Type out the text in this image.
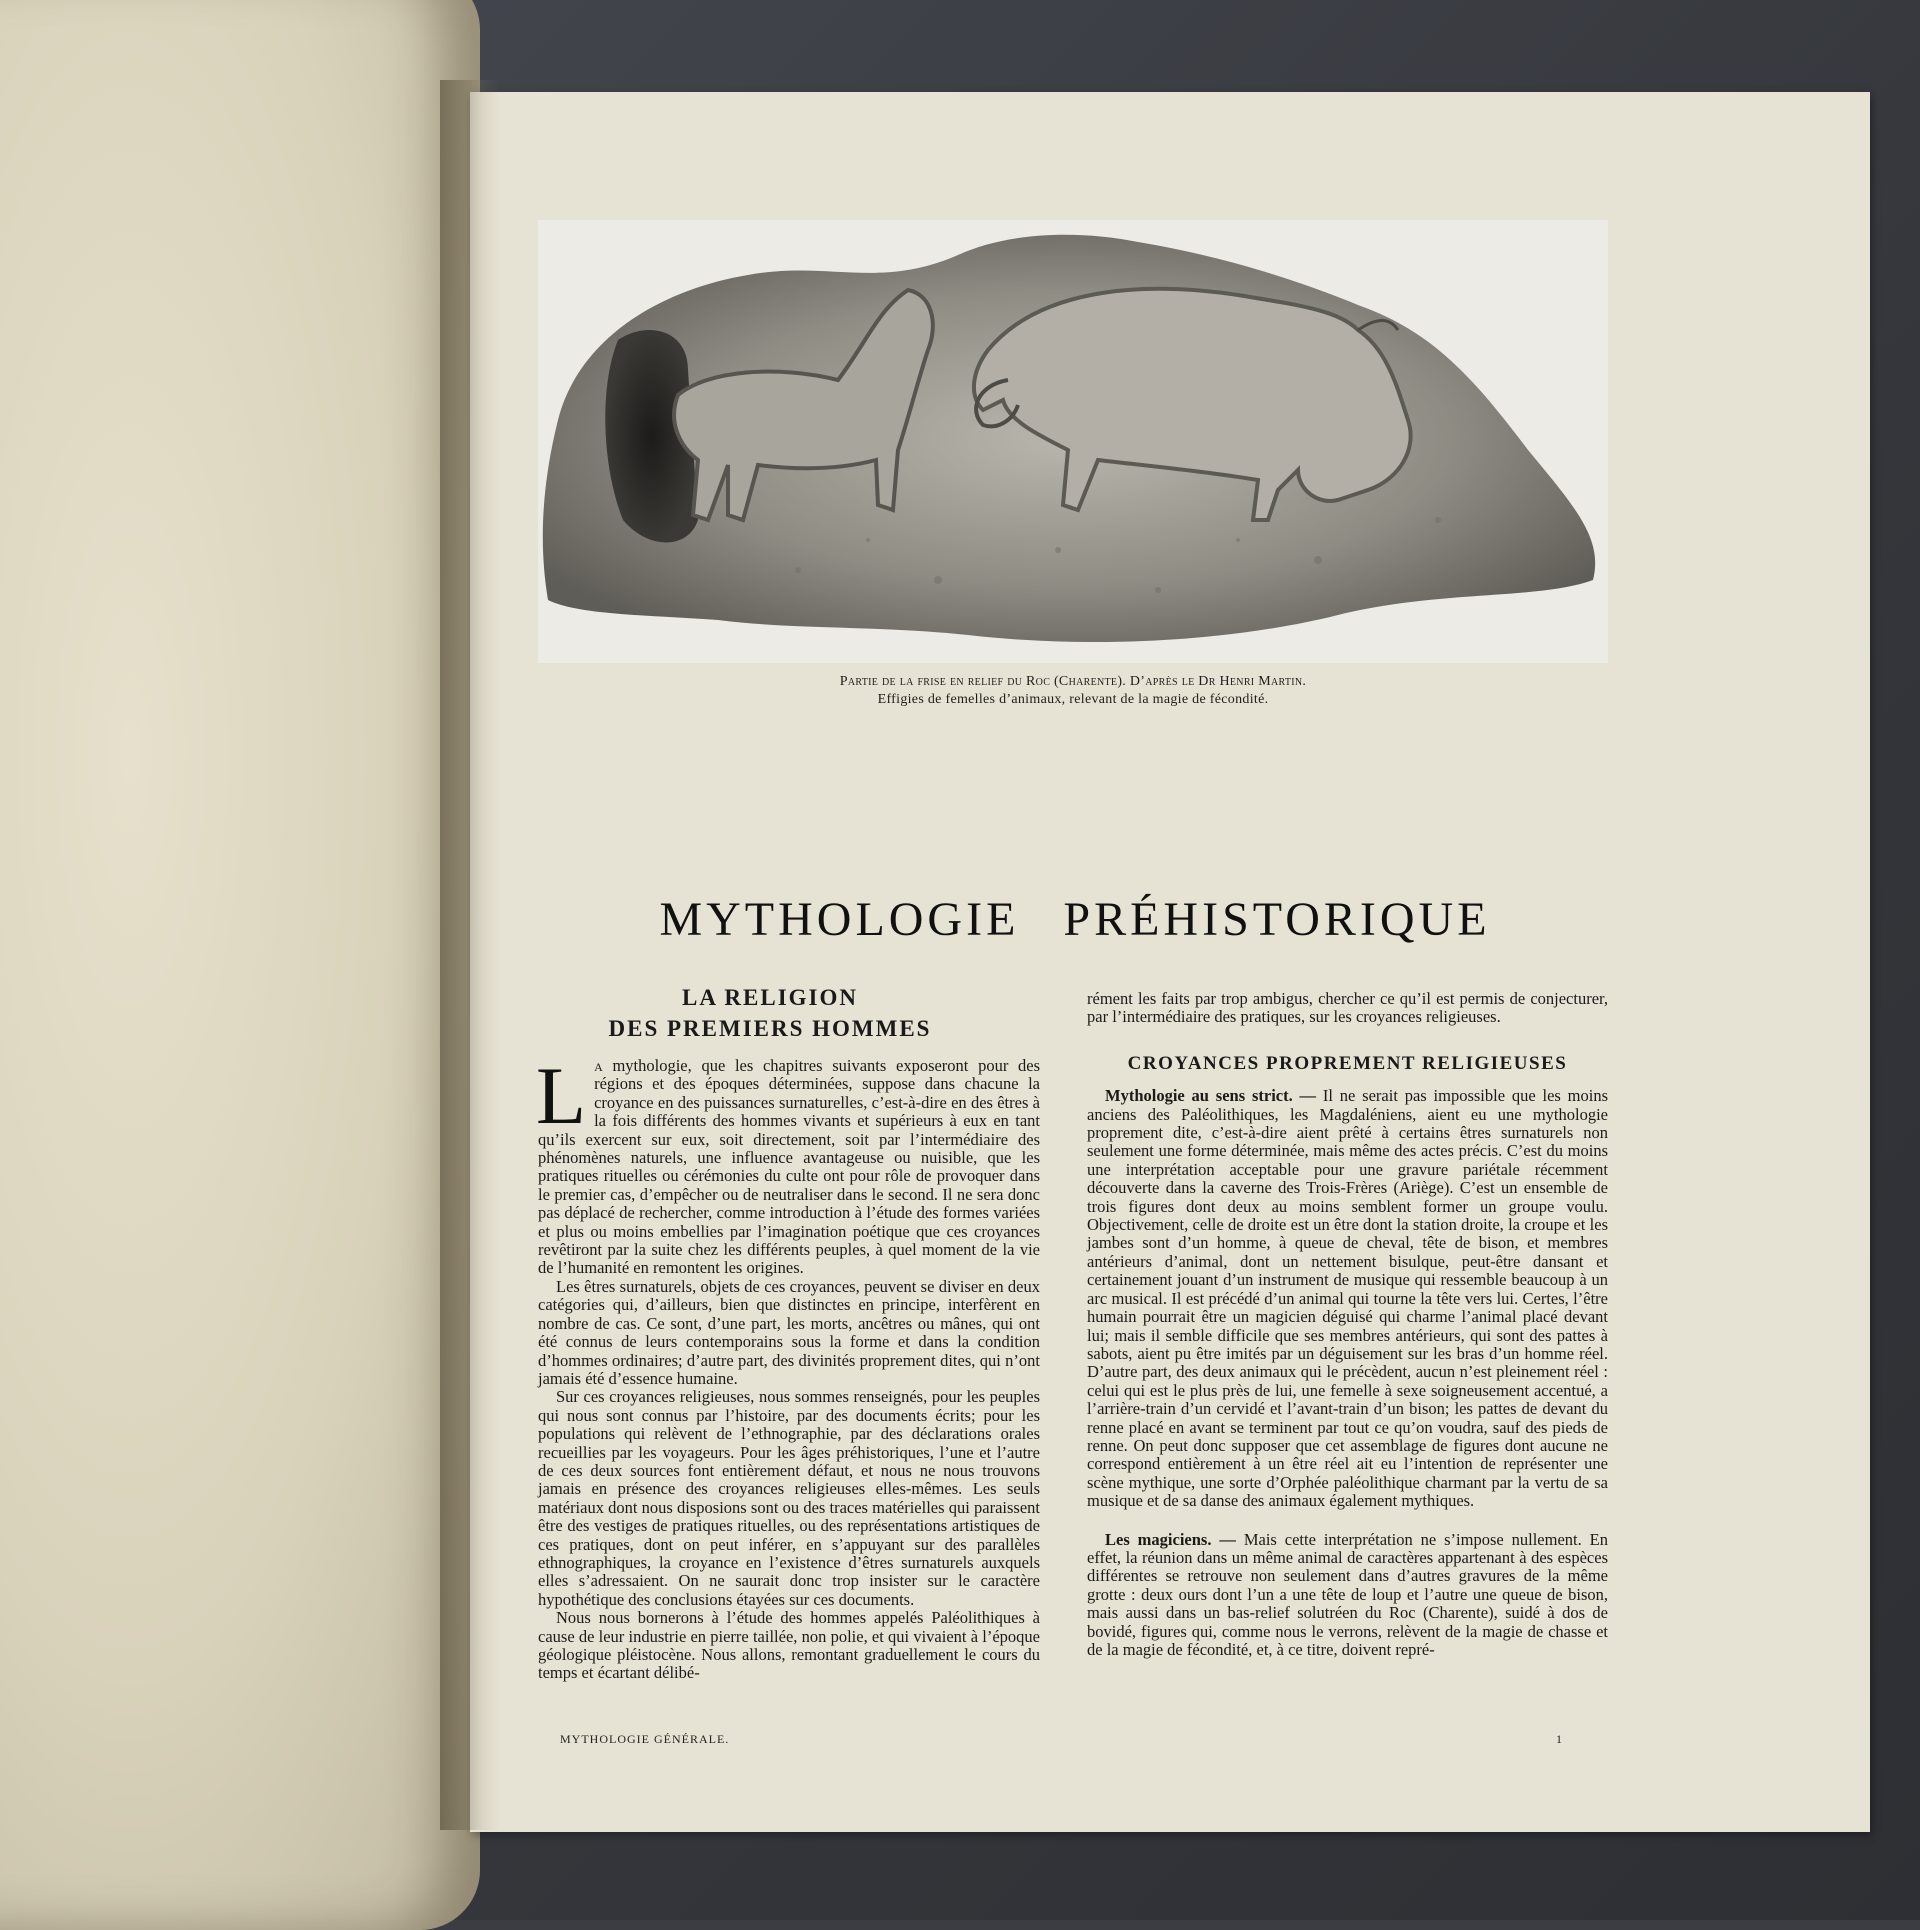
Partie de la frise en relief du Roc (Charente). D’après le Dr Henri Martin.
Effigies de femelles d’animaux, relevant de la magie de fécondité.
MYTHOLOGIE PRÉHISTORIQUE
LA RELIGION
DES PREMIERS HOMMES

La mythologie, que les chapitres suivants exposeront pour des régions et des époques déterminées, suppose dans chacune la croyance en des puissances surnaturelles, c’est-à-dire en des êtres à la fois différents des hommes vivants et supérieurs à eux en tant qu’ils exercent sur eux, soit directement, soit par l’intermédiaire des phénomènes naturels, une influence avantageuse ou nuisible, que les pratiques rituelles ou cérémonies du culte ont pour rôle de provoquer dans le premier cas, d’empêcher ou de neutraliser dans le second. Il ne sera donc pas déplacé de rechercher, comme introduction à l’étude des formes variées et plus ou moins embellies par l’imagination poétique que ces croyances revêtiront par la suite chez les différents peuples, à quel moment de la vie de l’humanité en remontent les origines.

Les êtres surnaturels, objets de ces croyances, peuvent se diviser en deux catégories qui, d’ailleurs, bien que distinctes en principe, interfèrent en nombre de cas. Ce sont, d’une part, les morts, ancêtres ou mânes, qui ont été connus de leurs contemporains sous la forme et dans la condition d’hommes ordinaires; d’autre part, des divinités proprement dites, qui n’ont jamais été d’essence humaine.

Sur ces croyances religieuses, nous sommes renseignés, pour les peuples qui nous sont connus par l’histoire, par des documents écrits; pour les populations qui relèvent de l’ethnographie, par des déclarations orales recueillies par les voyageurs. Pour les âges préhistoriques, l’une et l’autre de ces deux sources font entièrement défaut, et nous ne nous trouvons jamais en présence des croyances religieuses elles-mêmes. Les seuls matériaux dont nous disposions sont ou des traces matérielles qui paraissent être des vestiges de pratiques rituelles, ou des représentations artistiques de ces pratiques, dont on peut inférer, en s’appuyant sur des parallèles ethnographiques, la croyance en l’existence d’êtres surnaturels auxquels elles s’adressaient. On ne saurait donc trop insister sur le caractère hypothétique des conclusions étayées sur ces documents.

Nous nous bornerons à l’étude des hommes appelés Paléolithiques à cause de leur industrie en pierre taillée, non polie, et qui vivaient à l’époque géologique pléistocène. Nous allons, remontant graduellement le cours du temps et écartant délibé-

rément les faits par trop ambigus, chercher ce qu’il est permis de conjecturer, par l’intermédiaire des pratiques, sur les croyances religieuses.

CROYANCES PROPREMENT RELIGIEUSES

Mythologie au sens strict. — Il ne serait pas impossible que les moins anciens des Paléolithiques, les Magdaléniens, aient eu une mythologie proprement dite, c’est-à-dire aient prêté à certains êtres surnaturels non seulement une forme déterminée, mais même des actes précis. C’est du moins une interprétation acceptable pour une gravure pariétale récemment découverte dans la caverne des Trois-Frères (Ariège). C’est un ensemble de trois figures dont deux au moins semblent former un groupe voulu. Objectivement, celle de droite est un être dont la station droite, la croupe et les jambes sont d’un homme, à queue de cheval, tête de bison, et membres antérieurs d’animal, dont un nettement bisulque, peut-être dansant et certainement jouant d’un instrument de musique qui ressemble beaucoup à un arc musical. Il est précédé d’un animal qui tourne la tête vers lui. Certes, l’être humain pourrait être un magicien déguisé qui charme l’animal placé devant lui; mais il semble difficile que ses membres antérieurs, qui sont des pattes à sabots, aient pu être imités par un déguisement sur les bras d’un homme réel. D’autre part, des deux animaux qui le précèdent, aucun n’est pleinement réel : celui qui est le plus près de lui, une femelle à sexe soigneusement accentué, a l’arrière-train d’un cervidé et l’avant-train d’un bison; les pattes de devant du renne placé en avant se terminent par tout ce qu’on voudra, sauf des pieds de renne. On peut donc supposer que cet assemblage de figures dont aucune ne correspond entièrement à un être réel ait eu l’intention de représenter une scène mythique, une sorte d’Orphée paléolithique charmant par la vertu de sa musique et de sa danse des animaux également mythiques.

Les magiciens. — Mais cette interprétation ne s’impose nullement. En effet, la réunion dans un même animal de caractères appartenant à des espèces différentes se retrouve non seulement dans d’autres gravures de la même grotte : deux ours dont l’un a une tête de loup et l’autre une queue de bison, mais aussi dans un bas-relief solutréen du Roc (Charente), suidé à dos de bovidé, figures qui, comme nous le verrons, relèvent de la magie de chasse et de la magie de fécondité, et, à ce titre, doivent repré-

MYTHOLOGIE GÉNÉRALE.	1
